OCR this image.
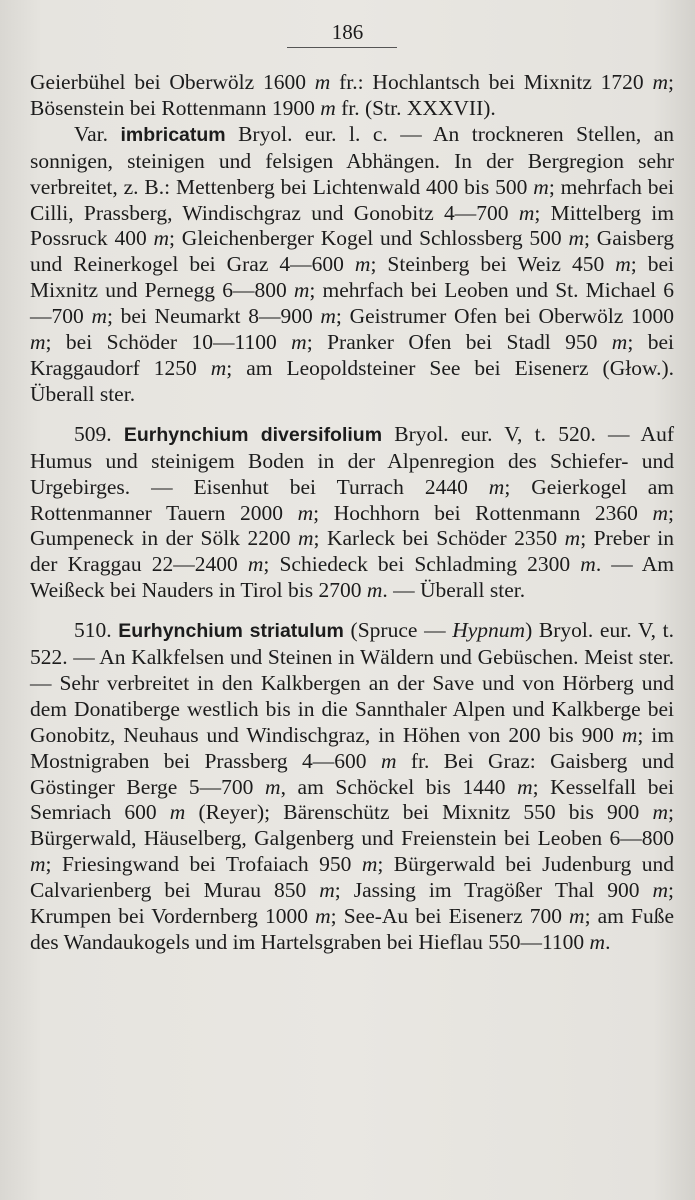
186

Geierbühel bei Oberwölz 1600 m fr.: Hochlantsch bei Mixnitz 1720 m; Bösenstein bei Rottenmann 1900 m fr. (Str. XXXVII).

Var. imbricatum Bryol. eur. l. c. — An trockneren Stellen, an sonnigen, steinigen und felsigen Abhängen. In der Bergregion sehr verbreitet, z. B.: Mettenberg bei Lichtenwald 400 bis 500 m; mehrfach bei Cilli, Prassberg, Windischgraz und Gonobitz 4—700 m; Mittelberg im Possruck 400 m; Gleichenberger Kogel und Schlossberg 500 m; Gaisberg und Reinerkogel bei Graz 4—600 m; Steinberg bei Weiz 450 m; bei Mixnitz und Pernegg 6—800 m; mehrfach bei Leoben und St. Michael 6—700 m; bei Neumarkt 8—900 m; Geistrumer Ofen bei Oberwölz 1000 m; bei Schöder 10—1100 m; Pranker Ofen bei Stadl 950 m; bei Kraggaudorf 1250 m; am Leopoldsteiner See bei Eisenerz (Głow.). Überall ster.

509. Eurhynchium diversifolium Bryol. eur. V, t. 520. — Auf Humus und steinigem Boden in der Alpenregion des Schiefer- und Urgebirges. — Eisenhut bei Turrach 2440 m; Geierkogel am Rottenmanner Tauern 2000 m; Hochhorn bei Rottenmann 2360 m; Gumpeneck in der Sölk 2200 m; Karleck bei Schöder 2350 m; Preber in der Kraggau 22—2400 m; Schiedeck bei Schladming 2300 m. — Am Weißeck bei Nauders in Tirol bis 2700 m. — Überall ster.

510. Eurhynchium striatulum (Spruce — Hypnum) Bryol. eur. V, t. 522. — An Kalkfelsen und Steinen in Wäldern und Gebüschen. Meist ster. — Sehr verbreitet in den Kalkbergen an der Save und von Hörberg und dem Donatiberge westlich bis in die Sannthaler Alpen und Kalkberge bei Gonobitz, Neuhaus und Windischgraz, in Höhen von 200 bis 900 m; im Mostnigraben bei Prassberg 4—600 m fr. Bei Graz: Gaisberg und Göstinger Berge 5—700 m, am Schöckel bis 1440 m; Kesselfall bei Semriach 600 m (Reyer); Bärenschütz bei Mixnitz 550 bis 900 m; Bürgerwald, Häuselberg, Galgenberg und Freienstein bei Leoben 6—800 m; Friesingwand bei Trofaiach 950 m; Bürgerwald bei Judenburg und Calvarienberg bei Murau 850 m; Jassing im Tragößer Thal 900 m; Krumpen bei Vordernberg 1000 m; See-Au bei Eisenerz 700 m; am Fuße des Wandaukogels und im Hartelsgraben bei Hieflau 550—1100 m.
